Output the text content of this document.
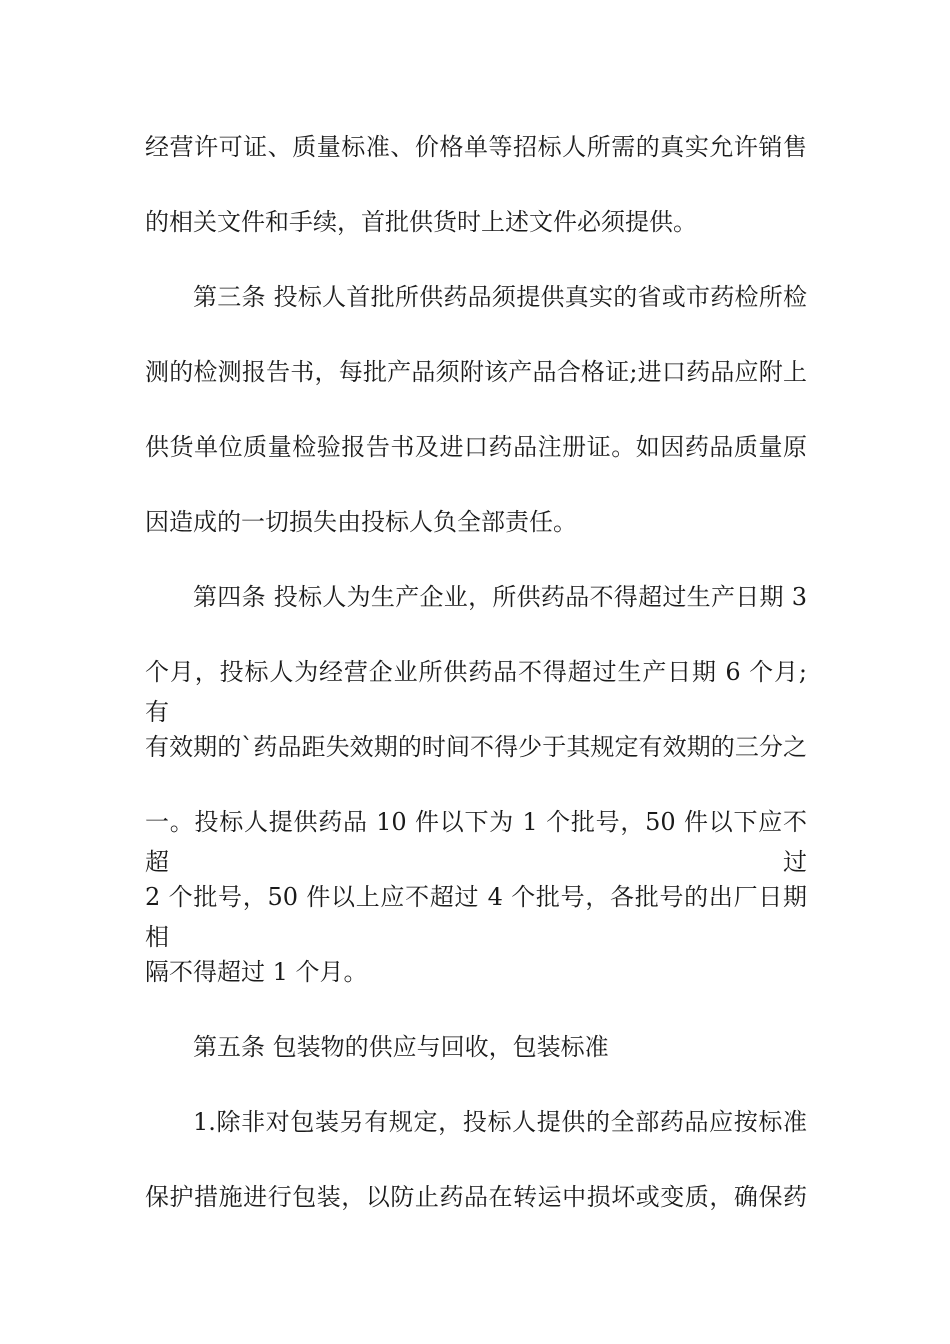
经营许可证、质量标准、价格单等招标人所需的真实允许销售
的相关文件和手续，首批供货时上述文件必须提供。
第三条 投标人首批所供药品须提供真实的省或市药检所检
测的检测报告书，每批产品须附该产品合格证;进口药品应附上
供货单位质量检验报告书及进口药品注册证。如因药品质量原
因造成的一切损失由投标人负全部责任。
第四条 投标人为生产企业，所供药品不得超过生产日期 3
个月，投标人为经营企业所供药品不得超过生产日期 6 个月;有
有效期的`药品距失效期的时间不得少于其规定有效期的三分之
一。投标人提供药品 10 件以下为 1 个批号，50 件以下应不超过
2 个批号，50 件以上应不超过 4 个批号，各批号的出厂日期相
隔不得超过 1 个月。
第五条 包装物的供应与回收，包装标准
1.除非对包装另有规定，投标人提供的全部药品应按标准
保护措施进行包装，以防止药品在转运中损坏或变质，确保药
